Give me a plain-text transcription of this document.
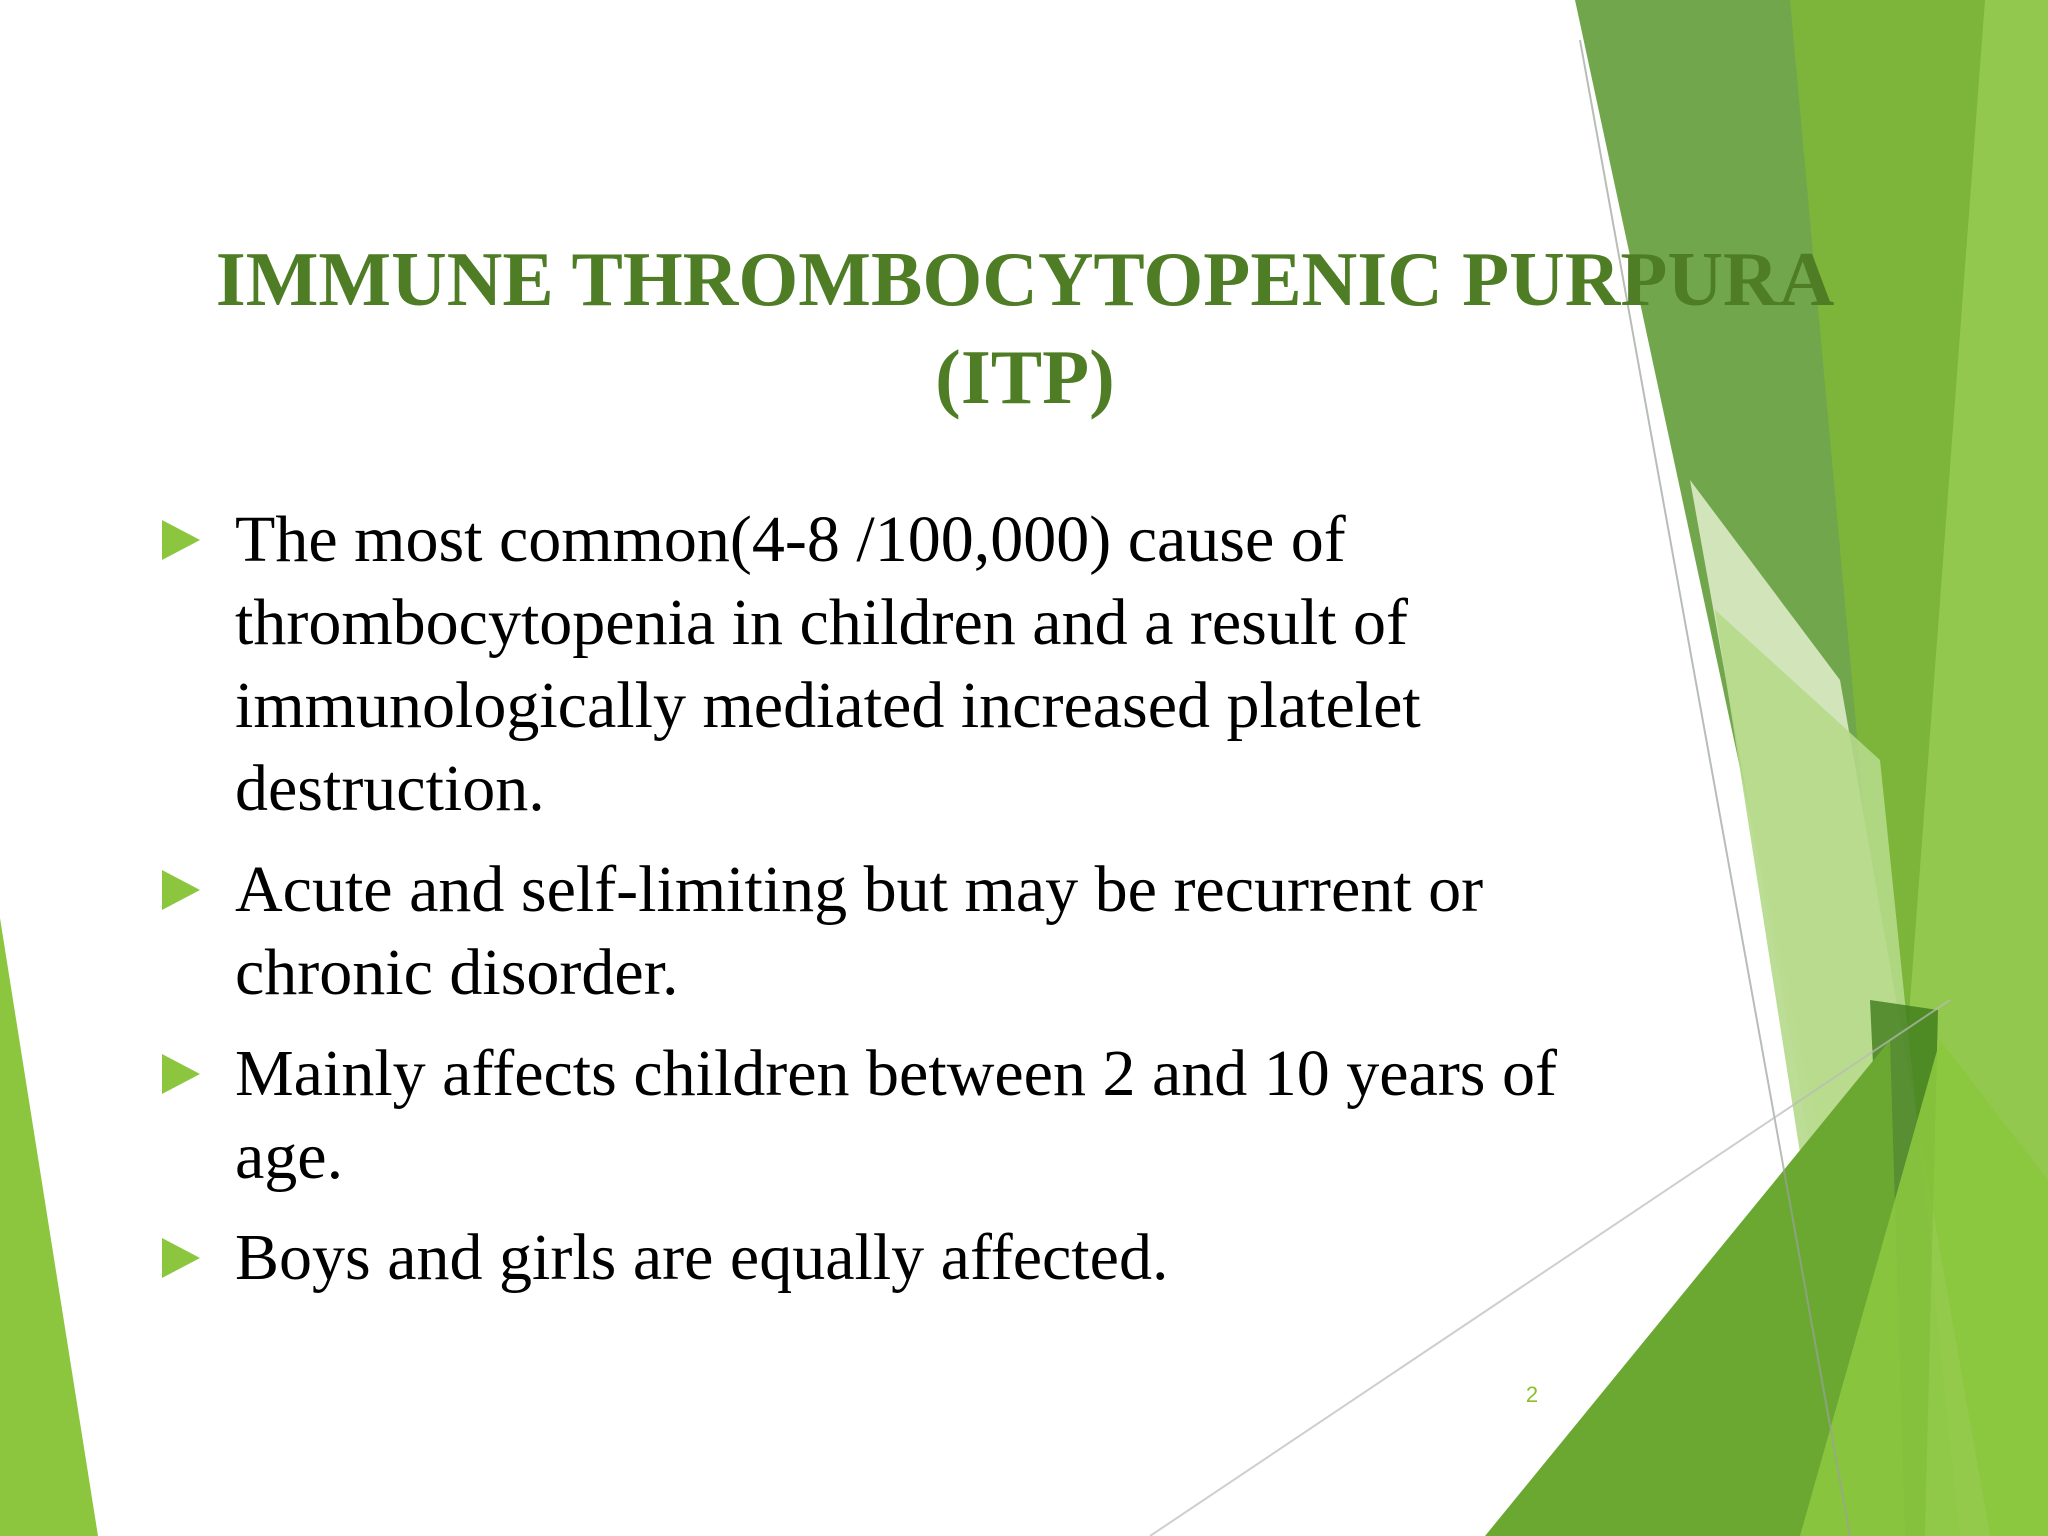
IMMUNE THROMBOCYTOPENIC PURPURA
(ITP)
The most common(4-8 /100,000) cause of thrombocytopenia in children and a result of immunologically mediated increased platelet destruction.
Acute and self-limiting but may be recurrent or chronic disorder.
Mainly affects children between 2 and 10 years of age.
Boys and girls are equally affected.
2
